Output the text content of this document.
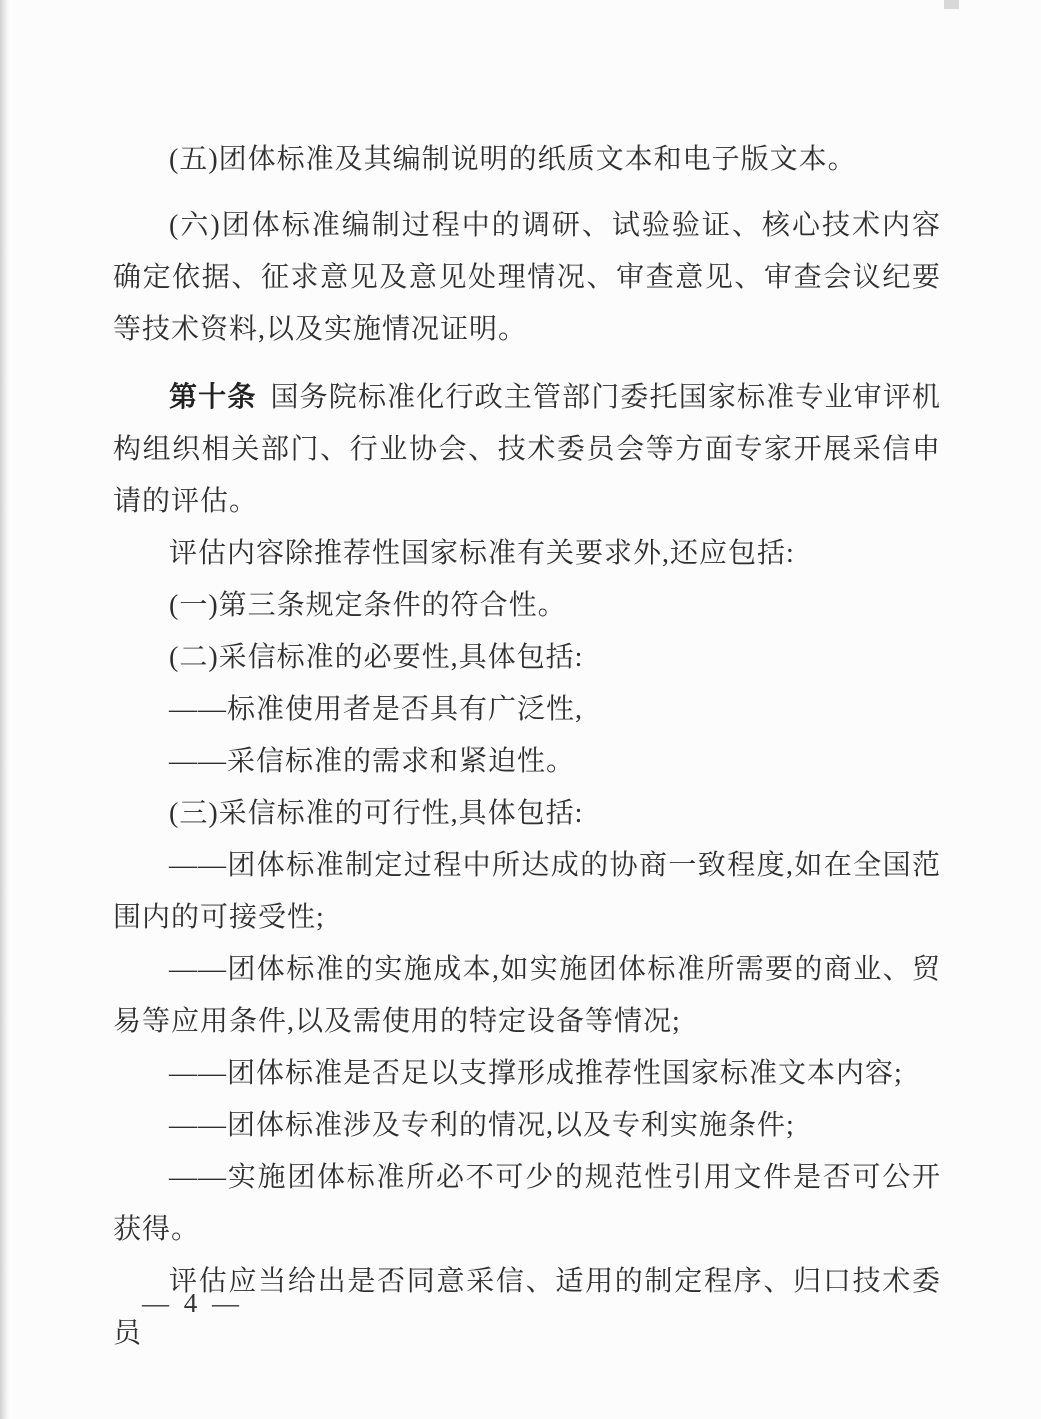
(五)团体标准及其编制说明的纸质文本和电子版文本。

(六)团体标准编制过程中的调研、试验验证、核心技术内容确定依据、征求意见及意见处理情况、审查意见、审查会议纪要等技术资料,以及实施情况证明。

第十条 国务院标准化行政主管部门委托国家标准专业审评机构组织相关部门、行业协会、技术委员会等方面专家开展采信申请的评估。

评估内容除推荐性国家标准有关要求外,还应包括:

(一)第三条规定条件的符合性。

(二)采信标准的必要性,具体包括:

——标准使用者是否具有广泛性,

——采信标准的需求和紧迫性。

(三)采信标准的可行性,具体包括:

——团体标准制定过程中所达成的协商一致程度,如在全国范围内的可接受性;

——团体标准的实施成本,如实施团体标准所需要的商业、贸易等应用条件,以及需使用的特定设备等情况;

——团体标准是否足以支撑形成推荐性国家标准文本内容;

——团体标准涉及专利的情况,以及专利实施条件;

——实施团体标准所必不可少的规范性引用文件是否可公开获得。

评估应当给出是否同意采信、适用的制定程序、归口技术委员

— 4 —
